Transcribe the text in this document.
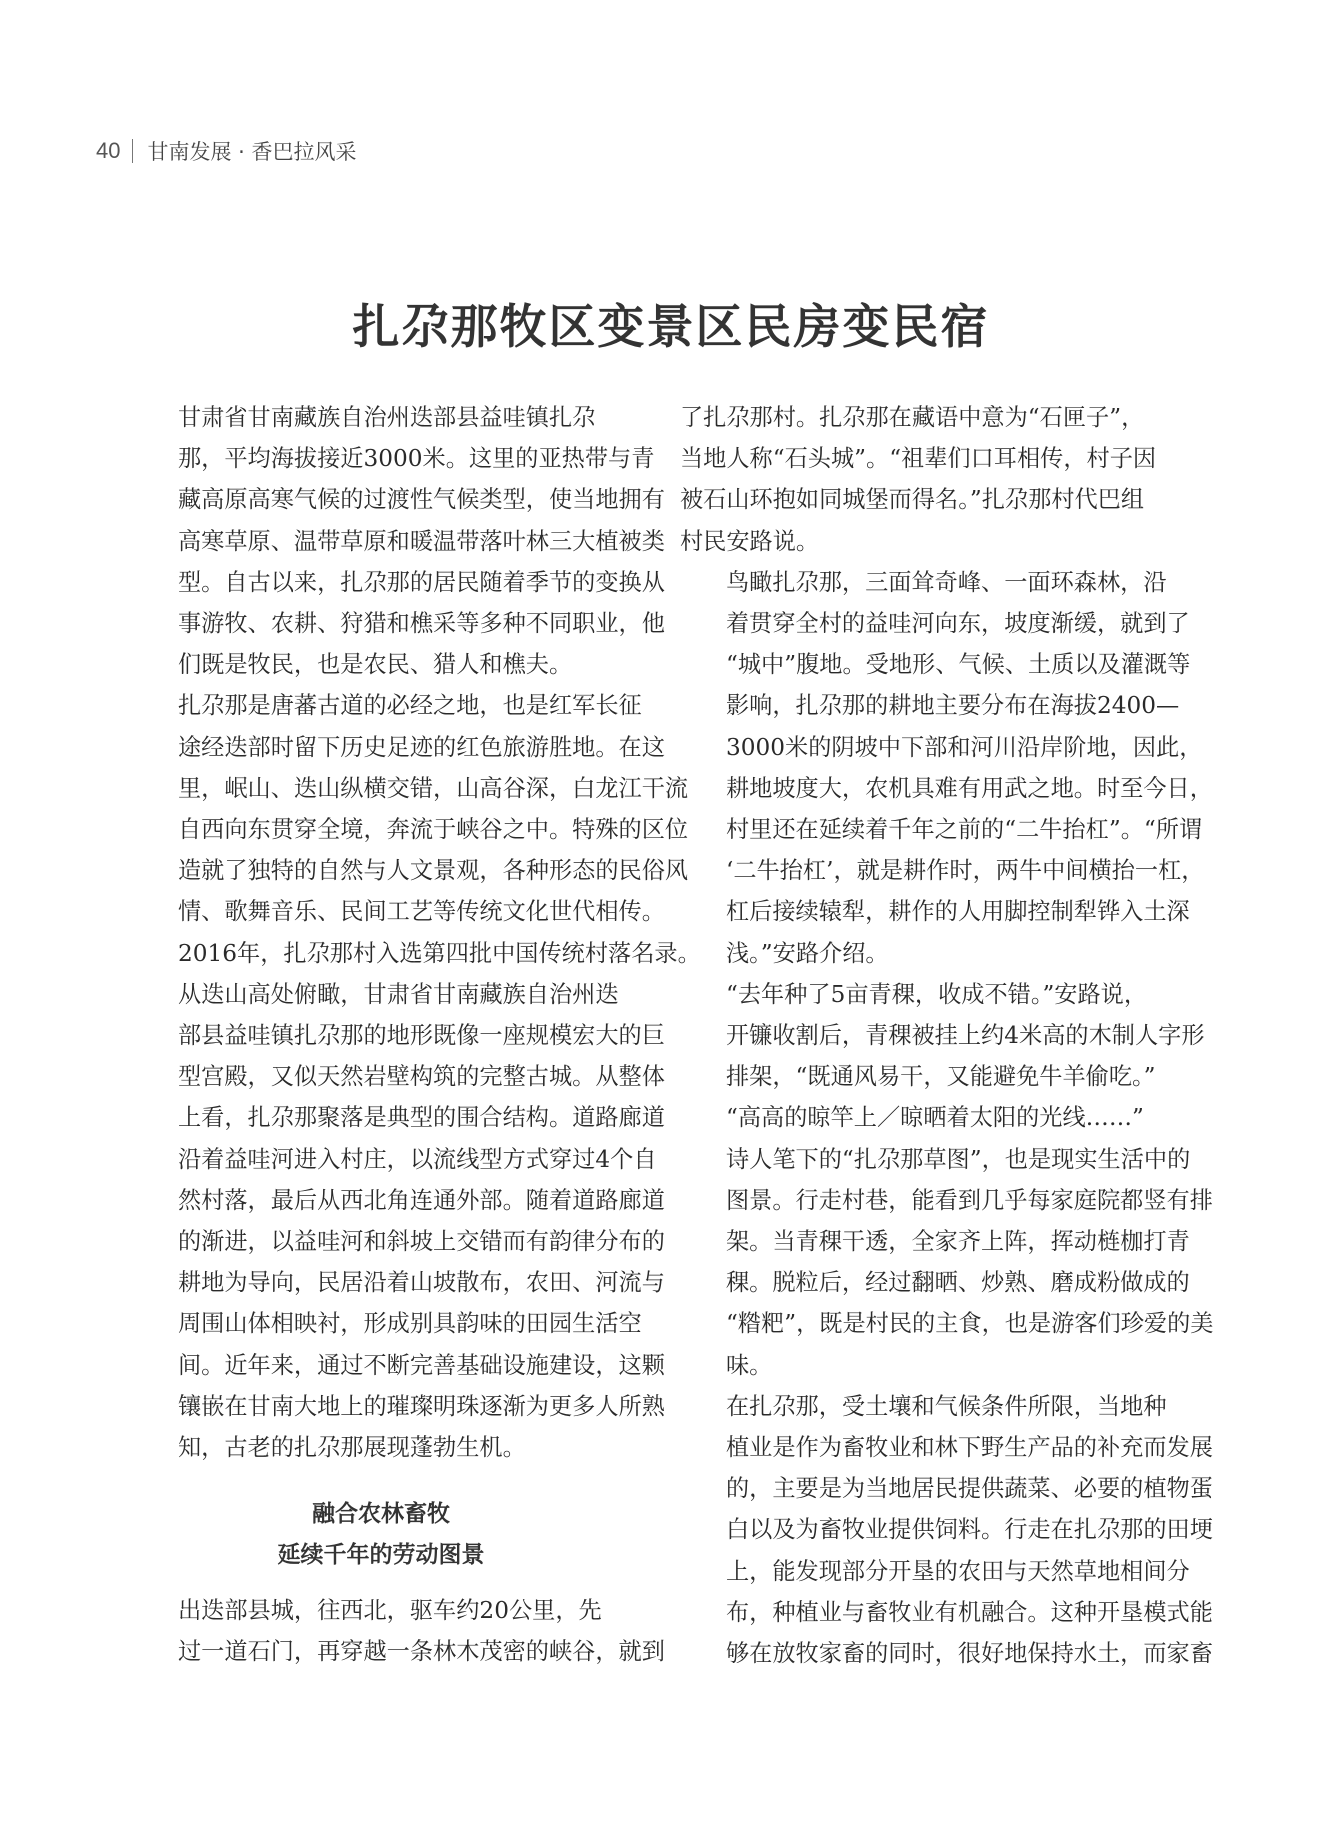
40 甘南发展 · 香巴拉风采
扎尕那牧区变景区民房变民宿
甘肃省甘南藏族自治州迭部县益哇镇扎尕
那，平均海拔接近3000米。这里的亚热带与青
藏高原高寒气候的过渡性气候类型，使当地拥有
高寒草原、温带草原和暖温带落叶林三大植被类
型。自古以来，扎尕那的居民随着季节的变换从
事游牧、农耕、狩猎和樵采等多种不同职业，他
们既是牧民，也是农民、猎人和樵夫。
扎尕那是唐蕃古道的必经之地，也是红军长征
途经迭部时留下历史足迹的红色旅游胜地。在这
里，岷山、迭山纵横交错，山高谷深，白龙江干流
自西向东贯穿全境，奔流于峡谷之中。特殊的区位
造就了独特的自然与人文景观，各种形态的民俗风
情、歌舞音乐、民间工艺等传统文化世代相传。
2016年，扎尕那村入选第四批中国传统村落名录。
从迭山高处俯瞰，甘肃省甘南藏族自治州迭
部县益哇镇扎尕那的地形既像一座规模宏大的巨
型宫殿，又似天然岩壁构筑的完整古城。从整体
上看，扎尕那聚落是典型的围合结构。道路廊道
沿着益哇河进入村庄，以流线型方式穿过4个自
然村落，最后从西北角连通外部。随着道路廊道
的渐进，以益哇河和斜坡上交错而有韵律分布的
耕地为导向，民居沿着山坡散布，农田、河流与
周围山体相映衬，形成别具韵味的田园生活空
间。近年来，通过不断完善基础设施建设，这颗
镶嵌在甘南大地上的璀璨明珠逐渐为更多人所熟
知，古老的扎尕那展现蓬勃生机。
融合农林畜牧
延续千年的劳动图景
出迭部县城，往西北，驱车约20公里，先
过一道石门，再穿越一条林木茂密的峡谷，就到
了扎尕那村。扎尕那在藏语中意为“石匣子”，
当地人称“石头城”。“祖辈们口耳相传，村子因
被石山环抱如同城堡而得名。”扎尕那村代巴组
村民安路说。
鸟瞰扎尕那，三面耸奇峰、一面环森林，沿
着贯穿全村的益哇河向东，坡度渐缓，就到了
“城中”腹地。受地形、气候、土质以及灌溉等
影响，扎尕那的耕地主要分布在海拔2400—
3000米的阴坡中下部和河川沿岸阶地，因此，
耕地坡度大，农机具难有用武之地。时至今日，
村里还在延续着千年之前的“二牛抬杠”。“所谓
‘二牛抬杠’，就是耕作时，两牛中间横抬一杠，
杠后接续辕犁，耕作的人用脚控制犁铧入土深
浅。”安路介绍。
“去年种了5亩青稞，收成不错。”安路说，
开镰收割后，青稞被挂上约4米高的木制人字形
排架，“既通风易干，又能避免牛羊偷吃。”
“高高的晾竿上／晾晒着太阳的光线……”
诗人笔下的“扎尕那草图”，也是现实生活中的
图景。行走村巷，能看到几乎每家庭院都竖有排
架。当青稞干透，全家齐上阵，挥动梿枷打青
稞。脱粒后，经过翻晒、炒熟、磨成粉做成的
“糌粑”，既是村民的主食，也是游客们珍爱的美
味。
在扎尕那，受土壤和气候条件所限，当地种
植业是作为畜牧业和林下野生产品的补充而发展
的，主要是为当地居民提供蔬菜、必要的植物蛋
白以及为畜牧业提供饲料。行走在扎尕那的田埂
上，能发现部分开垦的农田与天然草地相间分
布，种植业与畜牧业有机融合。这种开垦模式能
够在放牧家畜的同时，很好地保持水土，而家畜
